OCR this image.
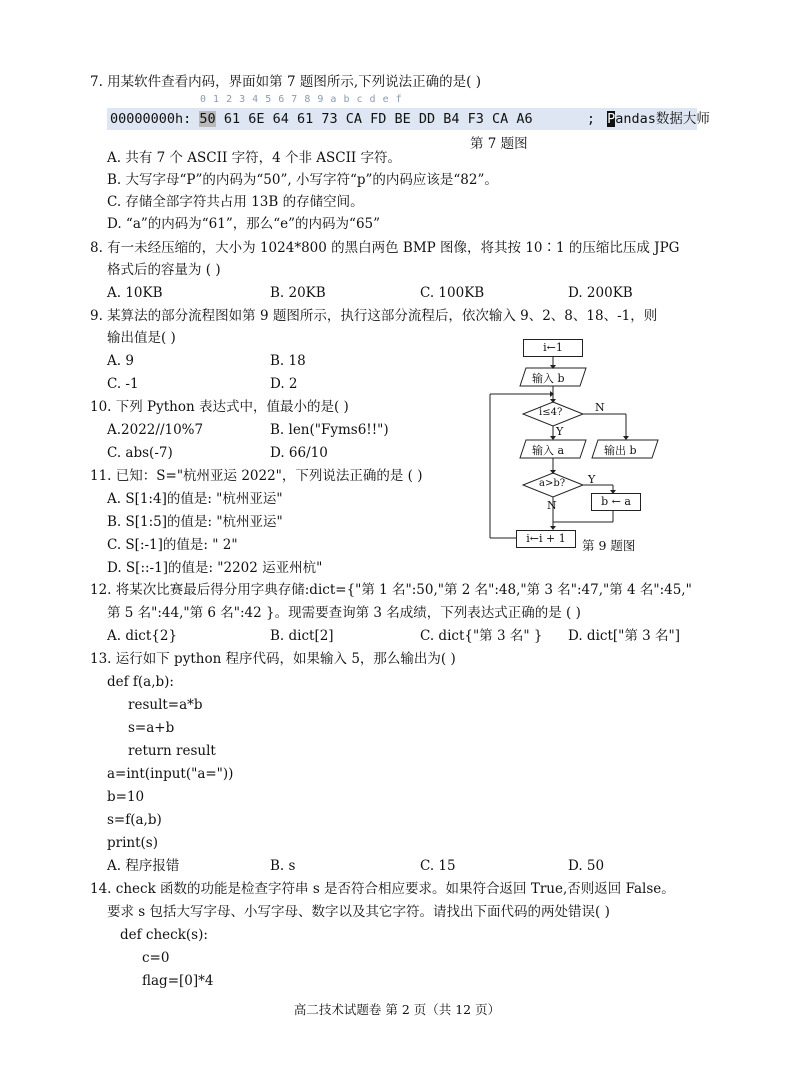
7. 用某软件查看内码，界面如第 7 题图所示,下列说法正确的是( )
0 1 2 3 4 5 6 7 8 9 a b c d e f
00000000h: 50 61 6E 64 61 73 CA FD BE DD B4 F3 CA A6	; Pandas数据大师
第 7 题图
A. 共有 7 个 ASCII 字符，4 个非 ASCII 字符。
B. 大写字母“P”的内码为“50”, 小写字符“p”的内码应该是“82”。
C. 存储全部字符共占用 13B 的存储空间。
D. “a”的内码为“61”，那么“e”的内码为“65”
8. 有一未经压缩的，大小为 1024*800 的黑白两色 BMP 图像，将其按 10∶1 的压缩比压成 JPG
格式后的容量为 ( )
A. 10KB	B. 20KB	C. 100KB	D. 200KB
9. 某算法的部分流程图如第 9 题图所示，执行这部分流程后，依次输入 9、2、8、18、-1，则
输出值是( )
A. 9	B. 18
C. -1	D. 2
i←1
输入 b
i≤4?	N
Y
输入 a	输出 b
a>b? Y
N	b ← a
i←i + 1	第 9 题图
10. 下列 Python 表达式中，值最小的是( )
A.2022//10%7	B. len("Fyms6!!")
C. abs(-7)	D. 66/10
11. 已知：S="杭州亚运 2022"，下列说法正确的是 ( )
A. S[1:4]的值是: "杭州亚运"
B. S[1:5]的值是: "杭州亚运"
C. S[:-1]的值是: " 2"
D. S[::-1]的值是: "2202 运亚州杭"
12. 将某次比赛最后得分用字典存储:dict={"第 1 名":50,"第 2 名":48,"第 3 名":47,"第 4 名":45,"
第 5 名":44,"第 6 名":42 }。现需要查询第 3 名成绩，下列表达式正确的是 ( )
A. dict{2}	B. dict[2]	C. dict{"第 3 名" } D. dict["第 3 名"]
13. 运行如下 python 程序代码，如果输入 5，那么输出为( )
def f(a,b):
result=a*b
s=a+b
return result
a=int(input("a="))
b=10
s=f(a,b)
print(s)
A. 程序报错	B. s	C. 15	D. 50
14. check 函数的功能是检查字符串 s 是否符合相应要求。如果符合返回 True,否则返回 False。
要求 s 包括大写字母、小写字母、数字以及其它字符。请找出下面代码的两处错误( )
def check(s):
c=0
flag=[0]*4
高二技术试题卷 第 2 页（共 12 页）
